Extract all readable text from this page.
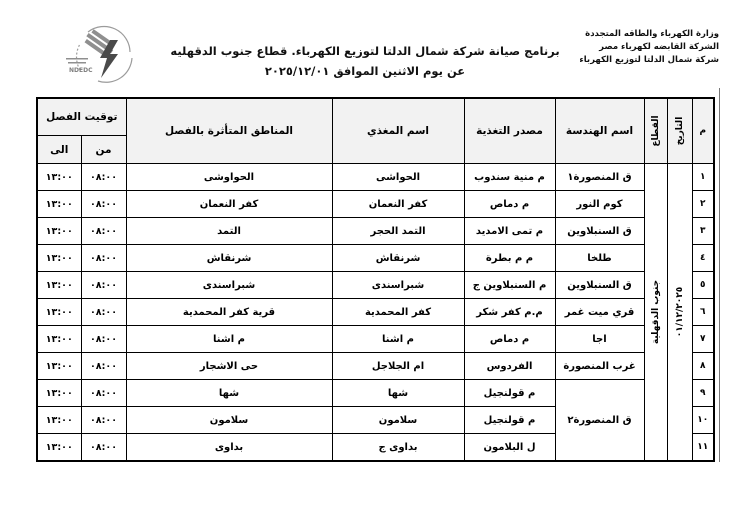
وزارة الكهرباء والطاقه المتجددة
الشركة القابضه لكهرباء مصر
شركة شمال الدلتا لتوزيع الكهرباء
برنامج صيانة شركة شمال الدلتا لتوزيع الكهرباء. قطاع جنوب الدقهليه
عن يوم الاثنين الموافق ٢٠٢٥/١٢/٠١
NDEDC
م	التاريخ	القطاع	اسم الهندسة	مصدر التغذية	اسم المغذي	المناطق المتأثرة بالفصل	توقيت الفصل	
							من	الى
١	٠١/١٢/٢٠٢٥	جنوب الدقهلية	ق المنصورة١	م منية سندوب	الحواشى	الحواوشى	٠٨:٠٠	١٣:٠٠
٢			كوم النور	م دماص	كفر النعمان	كفر النعمان	٠٨:٠٠	١٣:٠٠
٣			ق السنبلاوين	م تمى الامديد	التمد الحجر	التمد	٠٨:٠٠	١٣:٠٠
٤			طلخا	م م بطرة	شرنقاش	شرنقاش	٠٨:٠٠	١٣:٠٠
٥			ق السنبلاوين	م السنبلاوين ج	شبراسندى	شبراسندى	٠٨:٠٠	١٣:٠٠
٦			قري ميت غمر	م.م كفر شكر	كفر المحمدية	قرية كفر المحمدية	٠٨:٠٠	١٣:٠٠
٧			اجا	م دماص	م اشنا	م اشنا	٠٨:٠٠	١٣:٠٠
٨			غرب المنصورة	الفردوس	ام الجلاجل	حى الاشجار	٠٨:٠٠	١٣:٠٠
٩			ق المنصورة٢	م قولنجيل	شها	شها	٠٨:٠٠	١٣:٠٠
١٠				م قولنجيل	سلامون	سلامون	٠٨:٠٠	١٣:٠٠
١١				ل البلامون	بداوى ج	بداوى	٠٨:٠٠	١٣:٠٠
